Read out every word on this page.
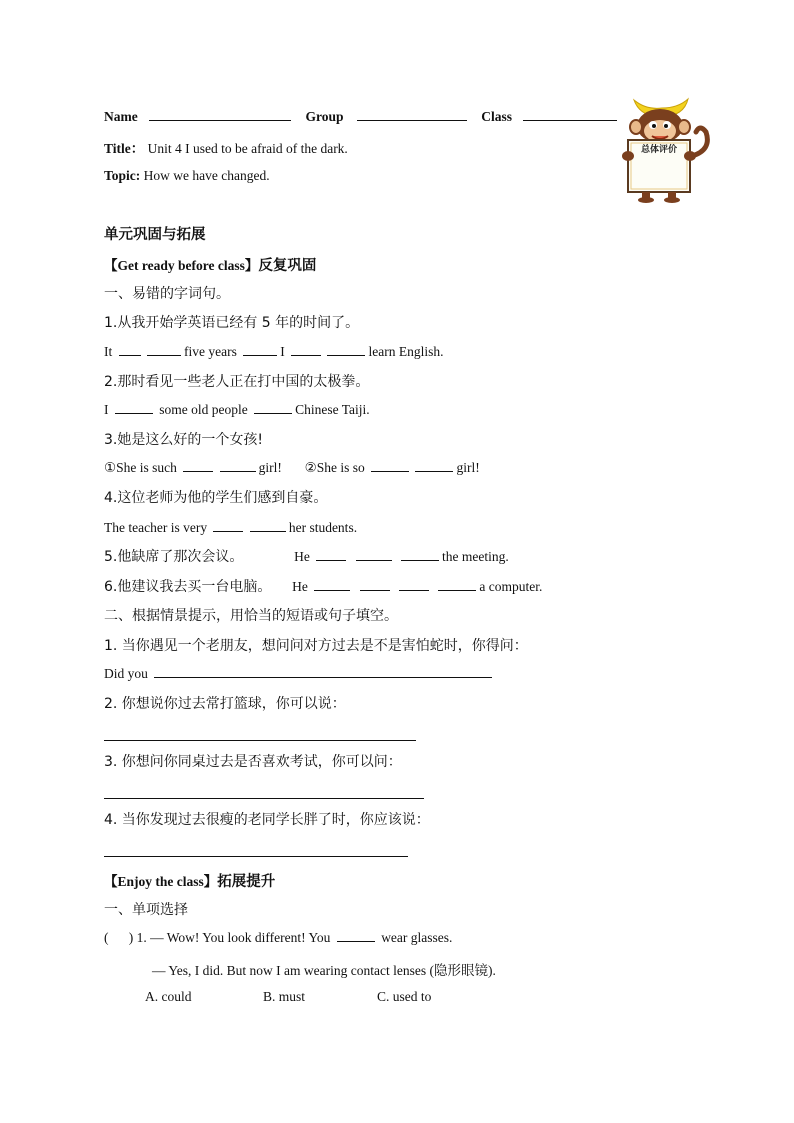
Name	Group	Class
Title： Unit 4 I used to be afraid of the dark.
Topic: How we have changed.
总体评价
单元巩固与拓展
【Get ready before class】反复巩固
一、易错的字词句。
1.从我开始学英语已经有 5 年的时间了。
It	five years	I	learn English.
2.那时看见一些老人正在打中国的太极拳。
I	some old people	Chinese Taiji.
3.她是这么好的一个女孩!
①She is such	girl! ②She is so	girl!
4.这位老师为他的学生们感到自豪。
The teacher is very	her students.
5.他缺席了那次会议。	He	the meeting.
6.他建议我去买一台电脑。 He	a computer.
二、根据情景提示，用恰当的短语或句子填空。
1. 当你遇见一个老朋友，想问问对方过去是不是害怕蛇时，你得问：
Did you
2. 你想说你过去常打篮球，你可以说：
3. 你想问你同桌过去是否喜欢考试，你可以问：
4. 当你发现过去很瘦的老同学长胖了时，你应该说：
【Enjoy the class】拓展提升
一、单项选择
(      ) 1. — Wow! You look different! You	wear glasses.
— Yes, I did. But now I am wearing contact lenses (隐形眼镜).
A. could	B. must	C. used to
